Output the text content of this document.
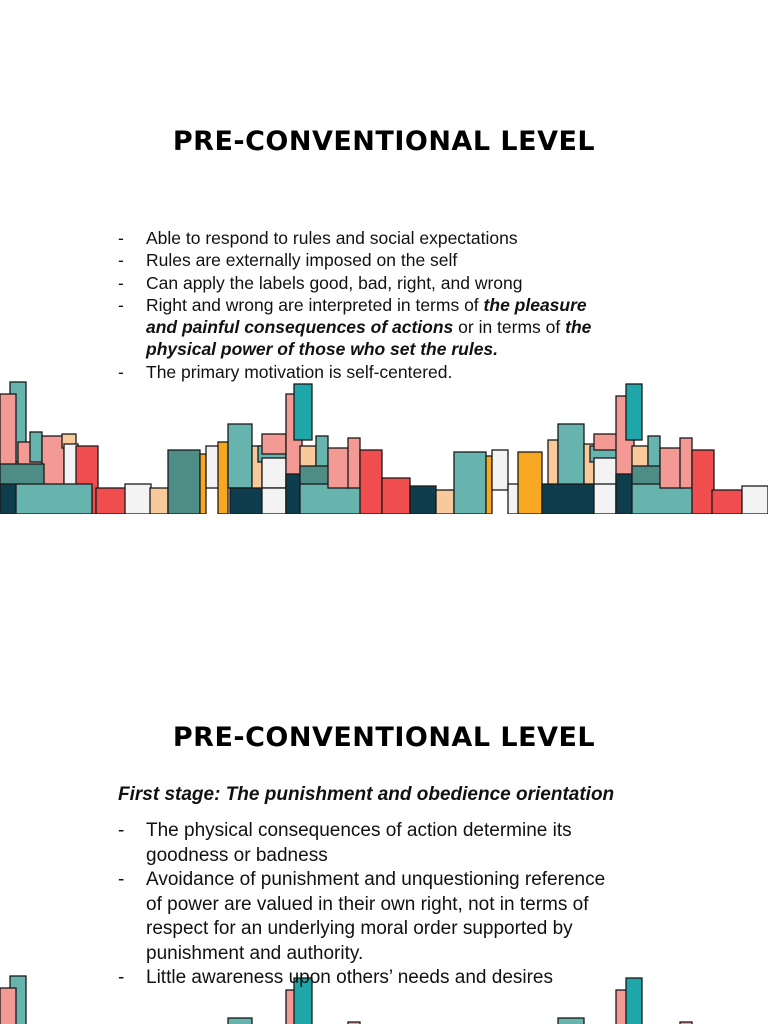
PRE-CONVENTIONAL LEVEL
- Able to respond to rules and social expectations
- Rules are externally imposed on the self
- Can apply the labels good, bad, right, and wrong
- Right and wrong are interpreted in terms of the pleasure and painful consequences of actions or in terms of the physical power of those who set the rules.
- The primary motivation is self-centered.
PRE-CONVENTIONAL LEVEL

First stage: The punishment and obedience orientation

- The physical consequences of action determine its goodness or badness
- Avoidance of punishment and unquestioning reference of power are valued in their own right, not in terms of respect for an underlying moral order supported by punishment and authority.
- Little awareness upon others’ needs and desires
